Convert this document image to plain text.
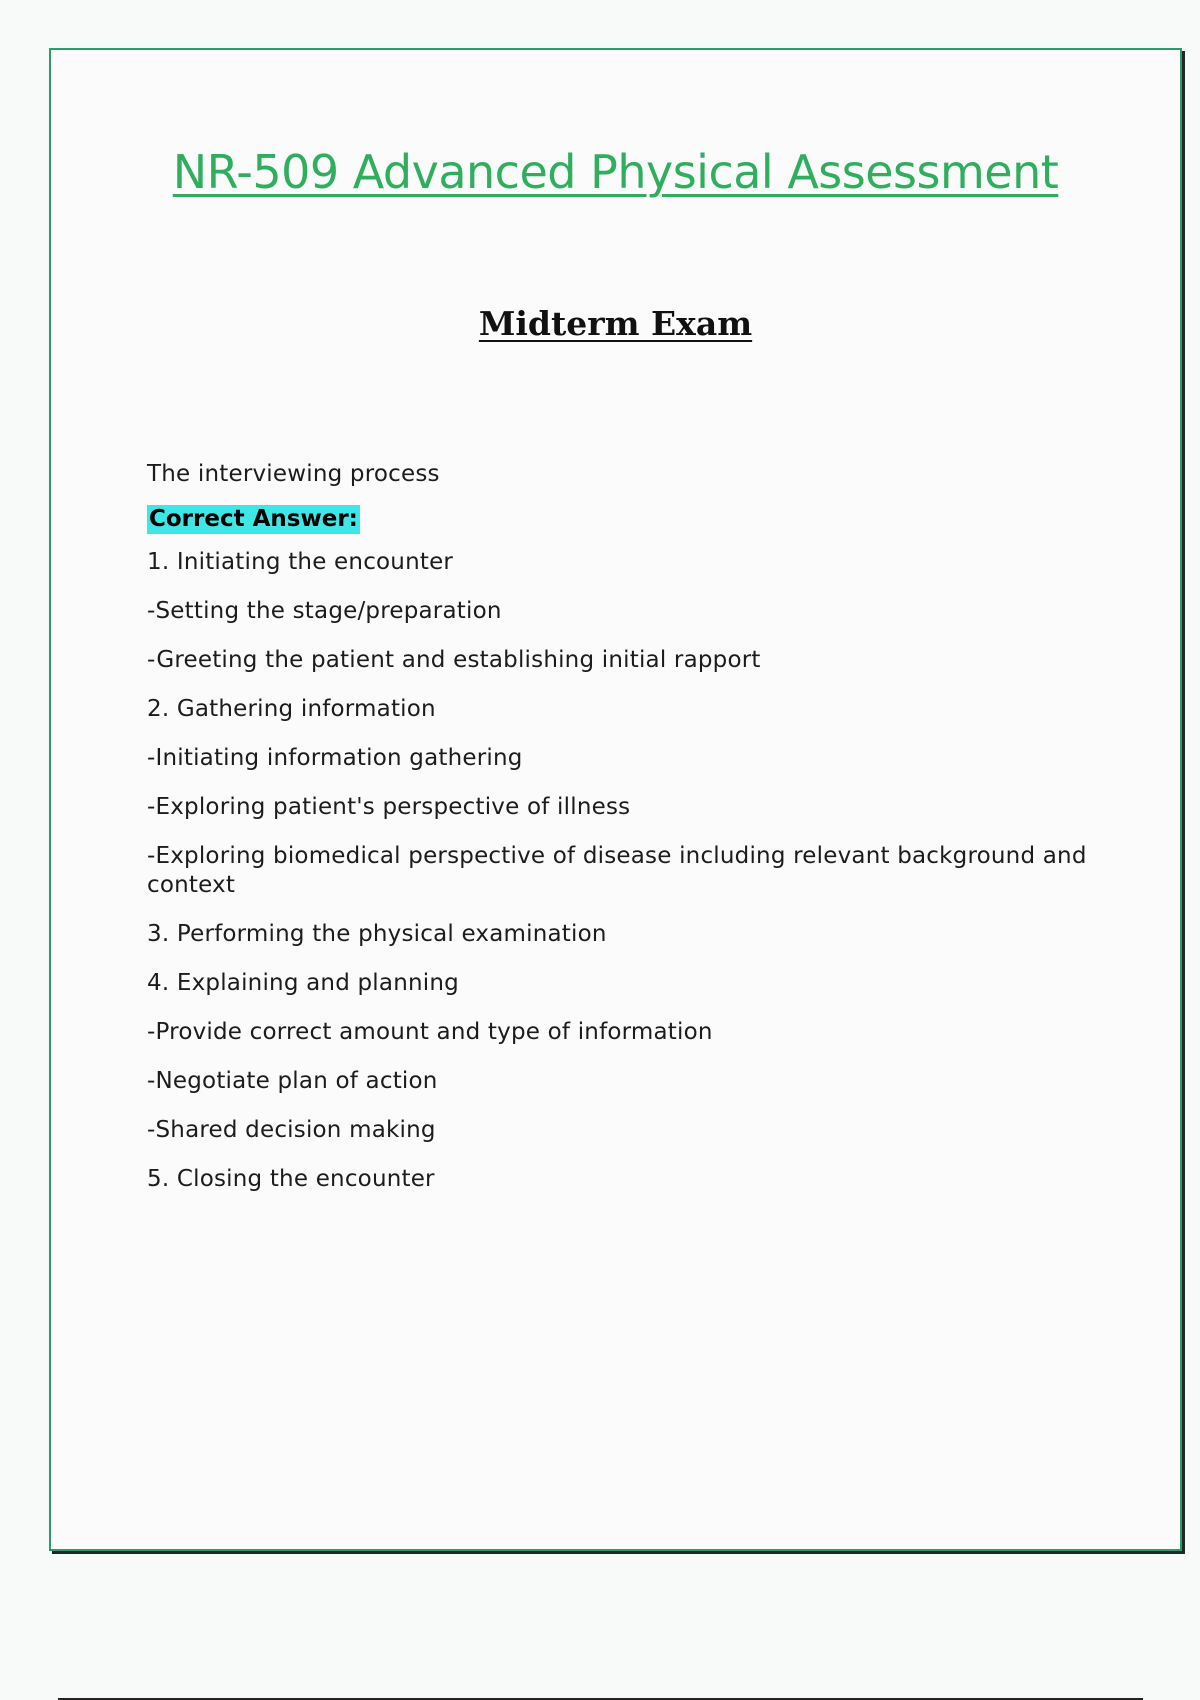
NR-509 Advanced Physical Assessment
Midterm Exam
The interviewing process
Correct Answer:
1. Initiating the encounter
-Setting the stage/preparation
-Greeting the patient and establishing initial rapport
2. Gathering information
-Initiating information gathering
-Exploring patient's perspective of illness
-Exploring biomedical perspective of disease including relevant background and context
3. Performing the physical examination
4. Explaining and planning
-Provide correct amount and type of information
-Negotiate plan of action
-Shared decision making
5. Closing the encounter
